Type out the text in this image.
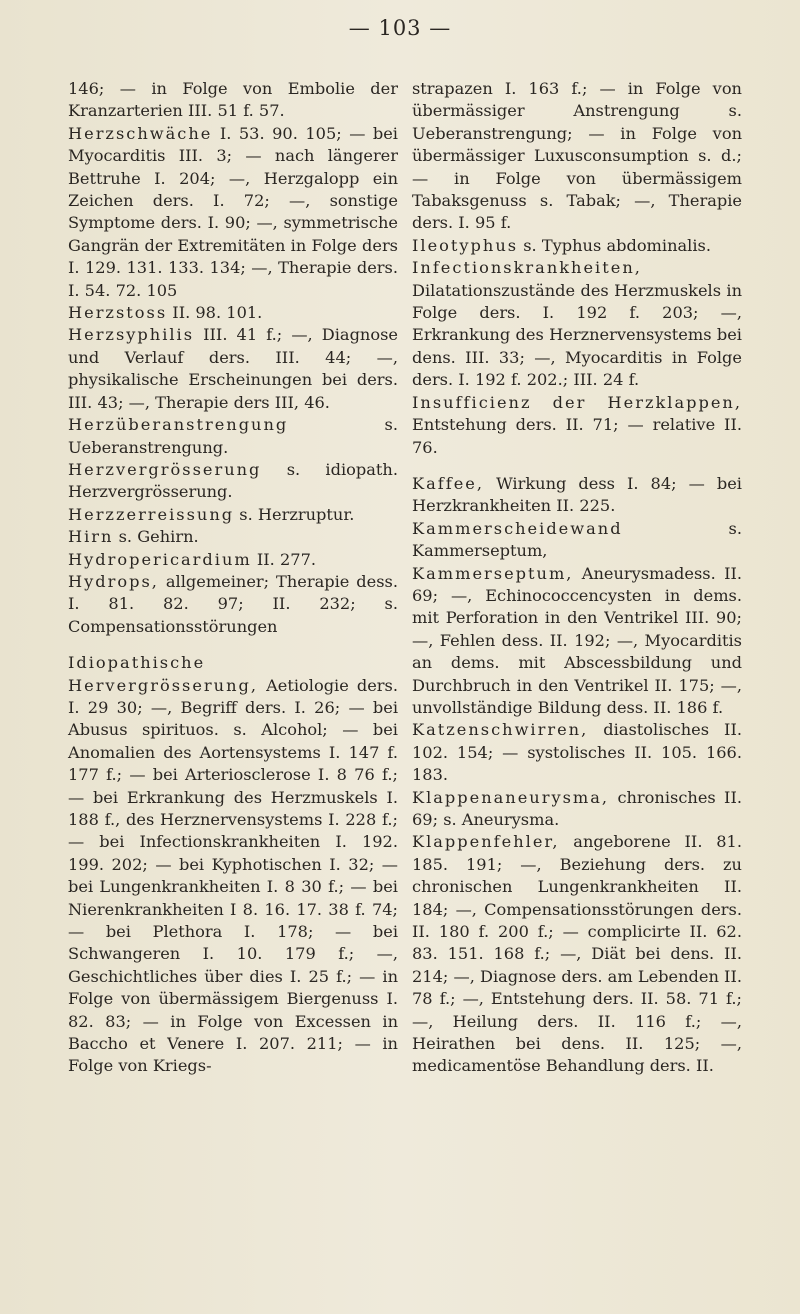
— 103 —

146; — in Folge von Embolie der Kranzarterien III. 51 f. 57.

Herzschwäche I. 53. 90. 105; — bei Myocarditis III. 3; — nach längerer Bettruhe I. 204; —, Herzgalopp ein Zeichen ders. I. 72; —, sonstige Symptome ders. I. 90; —, symmetrische Gangrän der Extremitäten in Folge ders I. 129. 131. 133. 134; —, Therapie ders. I. 54. 72. 105

Herzstoss II. 98. 101.

Herzsyphilis III. 41 f.; —, Diagnose und Verlauf ders. III. 44; —, physikalische Erscheinungen bei ders. III. 43; —, Therapie ders III, 46.

Herzüberanstrengung	s. Ueberanstrengung.

Herzvergrösserung s. idiopath. Herzvergrösserung.

Herzzerreissung s. Herzruptur.

Hirn s. Gehirn.

Hydropericardium II. 277.

Hydrops, allgemeiner; Therapie dess. I. 81. 82. 97; II. 232; s. Compensationsstörungen

Idiopathische Hervergrösserung, Aetiologie ders. I. 29 30; —, Begriff ders. I. 26; — bei Abusus spirituos. s. Alcohol; — bei Anomalien des Aortensystems I. 147 f. 177 f.; — bei Arteriosclerose I. 8 76 f.; — bei Erkrankung des Herzmuskels I. 188 f., des Herznervensystems I. 228 f.; — bei Infectionskrankheiten I. 192. 199. 202; — bei Kyphotischen I. 32; — bei Lungenkrankheiten I. 8 30 f.; — bei Nierenkrankheiten I 8. 16. 17. 38 f. 74; — bei Plethora I. 178; — bei Schwangeren I. 10. 179 f.; —, Geschichtliches über dies I. 25 f.; — in Folge von übermässigem Biergenuss I. 82. 83; — in Folge von Excessen in Baccho et Venere I. 207. 211; — in Folge von Kriegs-

strapazen I. 163 f.; — in Folge von übermässiger Anstrengung s. Ueberanstrengung; — in Folge von übermässiger Luxusconsumption s. d.; — in Folge von übermässigem Tabaksgenuss s. Tabak; —, Therapie ders. I. 95 f.

Ileotyphus s. Typhus abdominalis.

Infectionskrankheiten, Dilatationszustände des Herzmuskels in Folge ders. I. 192 f. 203; —, Erkrankung des Herznervensystems bei dens. III. 33; —, Myocarditis in Folge ders. I. 192 f. 202.; III. 24 f.

Insufficienz der Herzklappen, Entstehung ders. II. 71; — relative II. 76.

Kaffee, Wirkung dess I. 84; — bei Herzkrankheiten II. 225.

Kammerscheidewand	s. Kammerseptum,

Kammerseptum, Aneurysmadess. II. 69; —, Echinococcencysten in dems. mit Perforation in den Ventrikel III. 90; —, Fehlen dess. II. 192; —, Myocarditis an dems. mit Abscessbildung und Durchbruch in den Ventrikel II. 175; —, unvollständige Bildung dess. II. 186 f.

Katzenschwirren, diastolisches II. 102. 154; — systolisches II. 105. 166. 183.

Klappenaneurysma, chronisches II. 69; s. Aneurysma.

Klappenfehler, angeborene II. 81. 185. 191; —, Beziehung ders. zu chronischen Lungenkrankheiten II. 184; —, Compensationsstörungen ders. II. 180 f. 200 f.; — complicirte II. 62. 83. 151. 168 f.; —, Diät bei dens. II. 214; —, Diagnose ders. am Lebenden II. 78 f.; —, Entstehung ders. II. 58. 71 f.; —, Heilung ders. II. 116 f.; —, Heirathen bei dens. II. 125; —, medicamentöse Behandlung ders. II.
